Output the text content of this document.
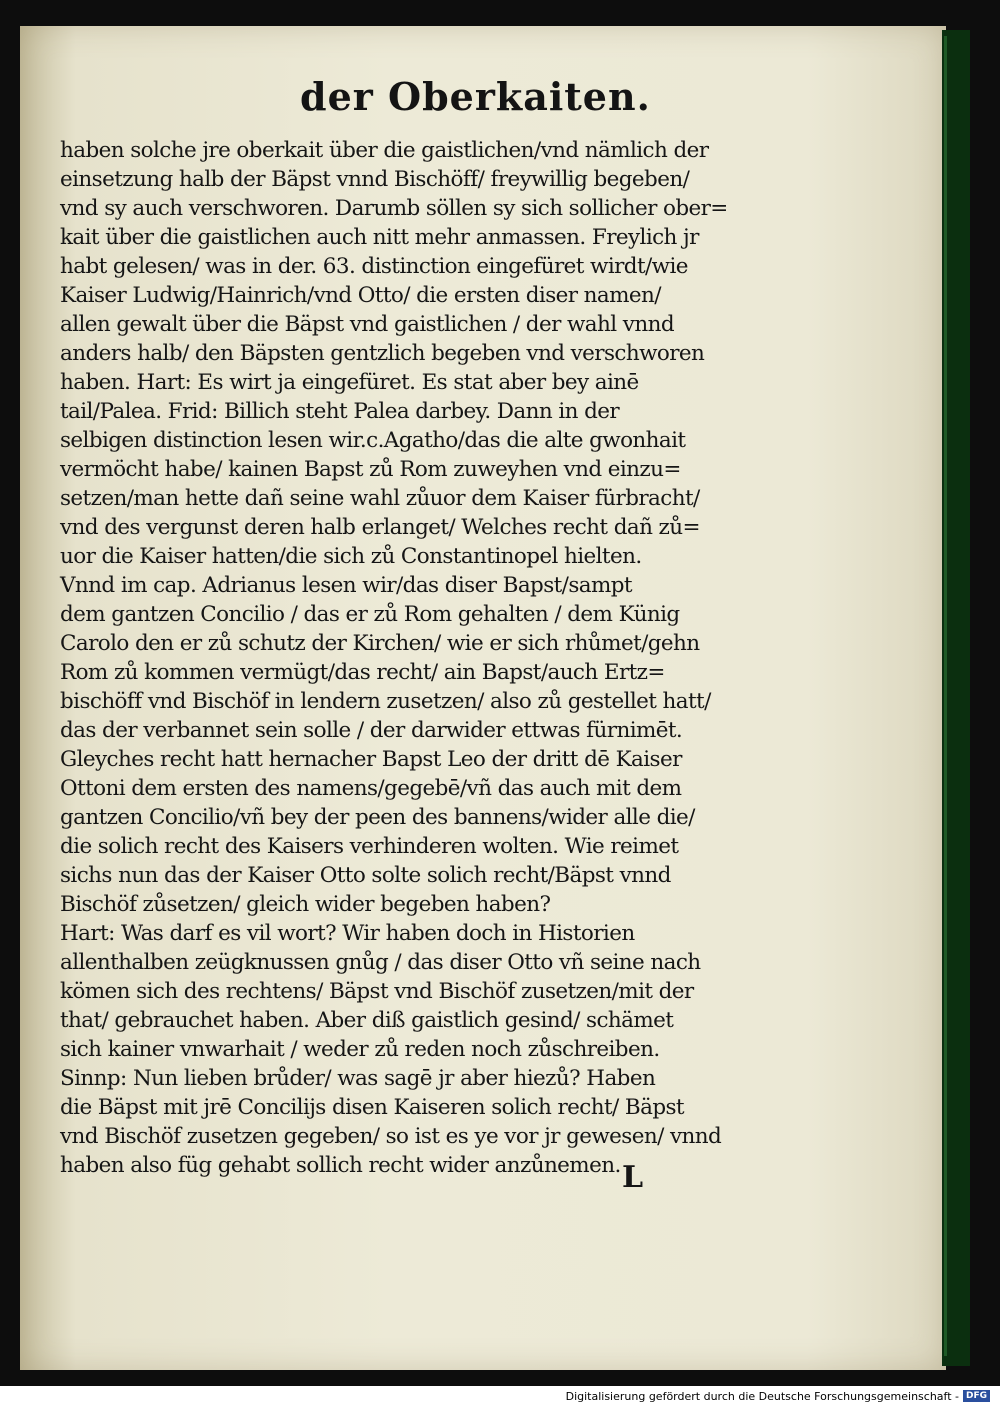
der Oberkaiten.
haben solche jre oberkait über die gaistlichen/vnd nämlich der
einsetzung halb der Bäpst vnnd Bischöff/ freywillig begeben/
vnd sy auch verschworen. Darumb söllen sy sich sollicher ober=
kait über die gaistlichen auch nitt mehr anmassen. Freylich jr
habt gelesen/ was in der. 63. distinction eingefüret wirdt/wie
Kaiser Ludwig/Hainrich/vnd Otto/ die ersten diser namen/
allen gewalt über die Bäpst vnd gaistlichen / der wahl vnnd
anders halb/ den Bäpsten gentzlich begeben vnd verschworen
haben. Hart: Es wirt ja eingefüret. Es stat aber bey ainē
tail/Palea. Frid: Billich steht Palea darbey. Dann in der
selbigen distinction lesen wir.c.Agatho/das die alte gwonhait
vermöcht habe/ kainen Bapst zů Rom zuweyhen vnd einzu=
setzen/man hette dañ seine wahl zůuor dem Kaiser fürbracht/
vnd des vergunst deren halb erlanget/ Welches recht dañ zů=
uor die Kaiser hatten/die sich zů Constantinopel hielten.
Vnnd im cap. Adrianus lesen wir/das diser Bapst/sampt
dem gantzen Concilio / das er zů Rom gehalten / dem Künig
Carolo den er zů schutz der Kirchen/ wie er sich rhůmet/gehn
Rom zů kommen vermügt/das recht/ ain Bapst/auch Ertz=
bischöff vnd Bischöf in lendern zusetzen/ also zů gestellet hatt/
das der verbannet sein solle / der darwider ettwas fürnimēt.
Gleyches recht hatt hernacher Bapst Leo der dritt dē Kaiser
Ottoni dem ersten des namens/gegebē/vñ das auch mit dem
gantzen Concilio/vñ bey der peen des bannens/wider alle die/
die solich recht des Kaisers verhinderen wolten. Wie reimet
sichs nun das der Kaiser Otto solte solich recht/Bäpst vnnd
Bischöf zůsetzen/ gleich wider begeben haben?
Hart: Was darf es vil wort? Wir haben doch in Historien
allenthalben zeügknussen gnůg / das diser Otto vñ seine nach
kömen sich des rechtens/ Bäpst vnd Bischöf zusetzen/mit der
that/ gebrauchet haben. Aber diß gaistlich gesind/ schämet
sich kainer vnwarhait / weder zů reden noch zůschreiben.
Sinnp: Nun lieben brůder/ was sagē jr aber hiezů? Haben
die Bäpst mit jrē Concilijs disen Kaiseren solich recht/ Bäpst
vnd Bischöf zusetzen gegeben/ so ist es ye vor jr gewesen/ vnnd
haben also füg gehabt sollich recht wider anzůnemen. L
Digitalisierung gefördert durch die Deutsche Forschungsgemeinschaft - DFG
